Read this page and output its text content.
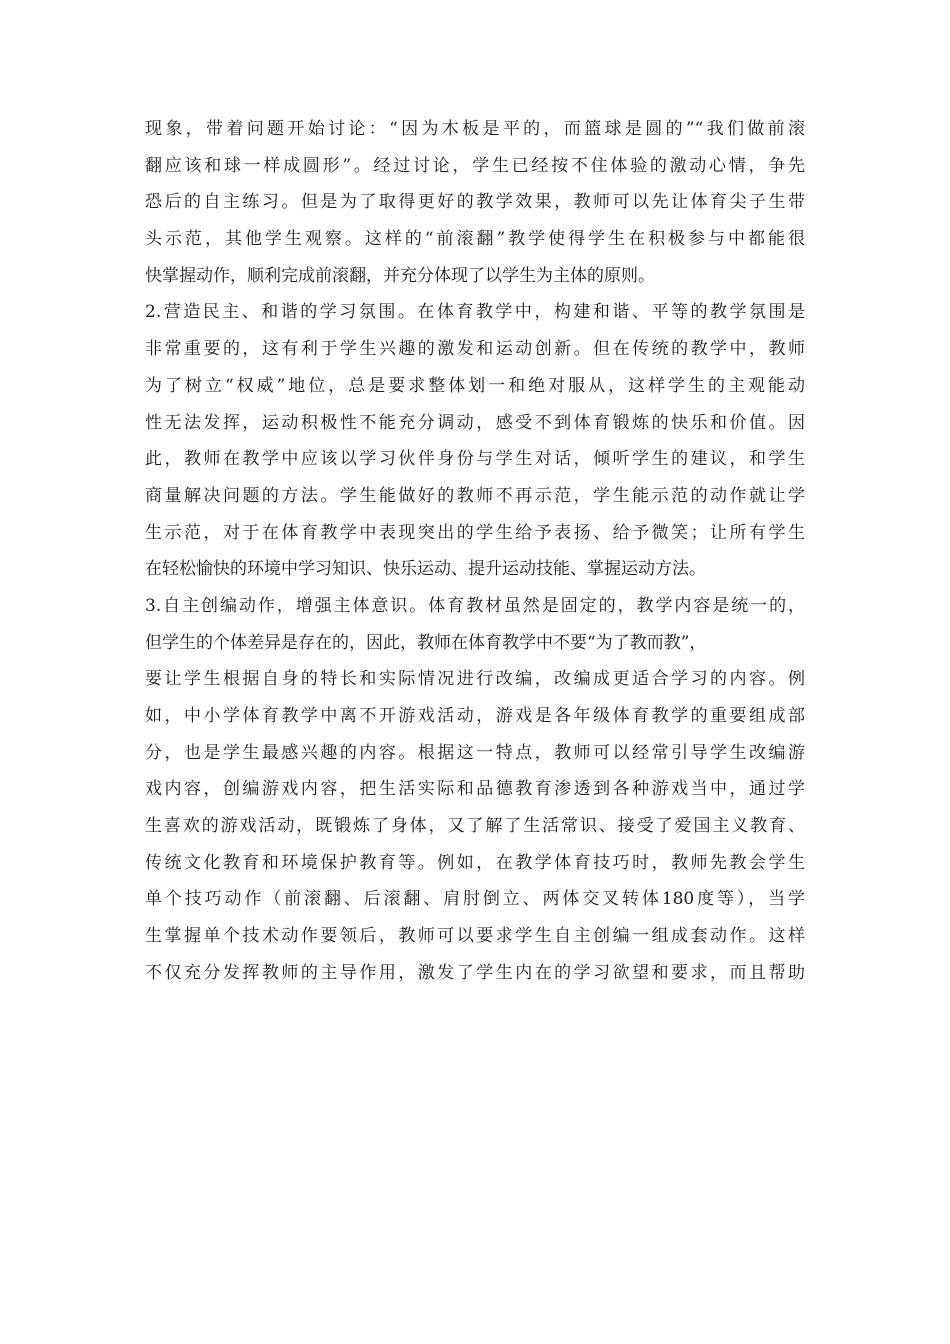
现象，带着问题开始讨论：“因为木板是平的，而篮球是圆的”“我们做前滚
翻应该和球一样成圆形”。经过讨论，学生已经按不住体验的激动心情，争先
恐后的自主练习。但是为了取得更好的教学效果，教师可以先让体育尖子生带
头示范，其他学生观察。这样的“前滚翻”教学使得学生在积极参与中都能很
快掌握动作，顺利完成前滚翻，并充分体现了以学生为主体的原则。
2.营造民主、和谐的学习氛围。在体育教学中，构建和谐、平等的教学氛围是
非常重要的，这有利于学生兴趣的激发和运动创新。但在传统的教学中，教师
为了树立“权威”地位，总是要求整体划一和绝对服从，这样学生的主观能动
性无法发挥，运动积极性不能充分调动，感受不到体育锻炼的快乐和价值。因
此，教师在教学中应该以学习伙伴身份与学生对话，倾听学生的建议，和学生
商量解决问题的方法。学生能做好的教师不再示范，学生能示范的动作就让学
生示范，对于在体育教学中表现突出的学生给予表扬、给予微笑；让所有学生
在轻松愉快的环境中学习知识、快乐运动、提升运动技能、掌握运动方法。
3.自主创编动作，增强主体意识。体育教材虽然是固定的，教学内容是统一的，
但学生的个体差异是存在的，因此，教师在体育教学中不要“为了教而教”，
要让学生根据自身的特长和实际情况进行改编，改编成更适合学习的内容。例
如，中小学体育教学中离不开游戏活动，游戏是各年级体育教学的重要组成部
分，也是学生最感兴趣的内容。根据这一特点，教师可以经常引导学生改编游
戏内容，创编游戏内容，把生活实际和品德教育渗透到各种游戏当中，通过学
生喜欢的游戏活动，既锻炼了身体，又了解了生活常识、接受了爱国主义教育、
传统文化教育和环境保护教育等。例如，在教学体育技巧时，教师先教会学生
单个技巧动作（前滚翻、后滚翻、肩肘倒立、两体交叉转体180度等），当学
生掌握单个技术动作要领后，教师可以要求学生自主创编一组成套动作。这样
不仅充分发挥教师的主导作用，激发了学生内在的学习欲望和要求，而且帮助
